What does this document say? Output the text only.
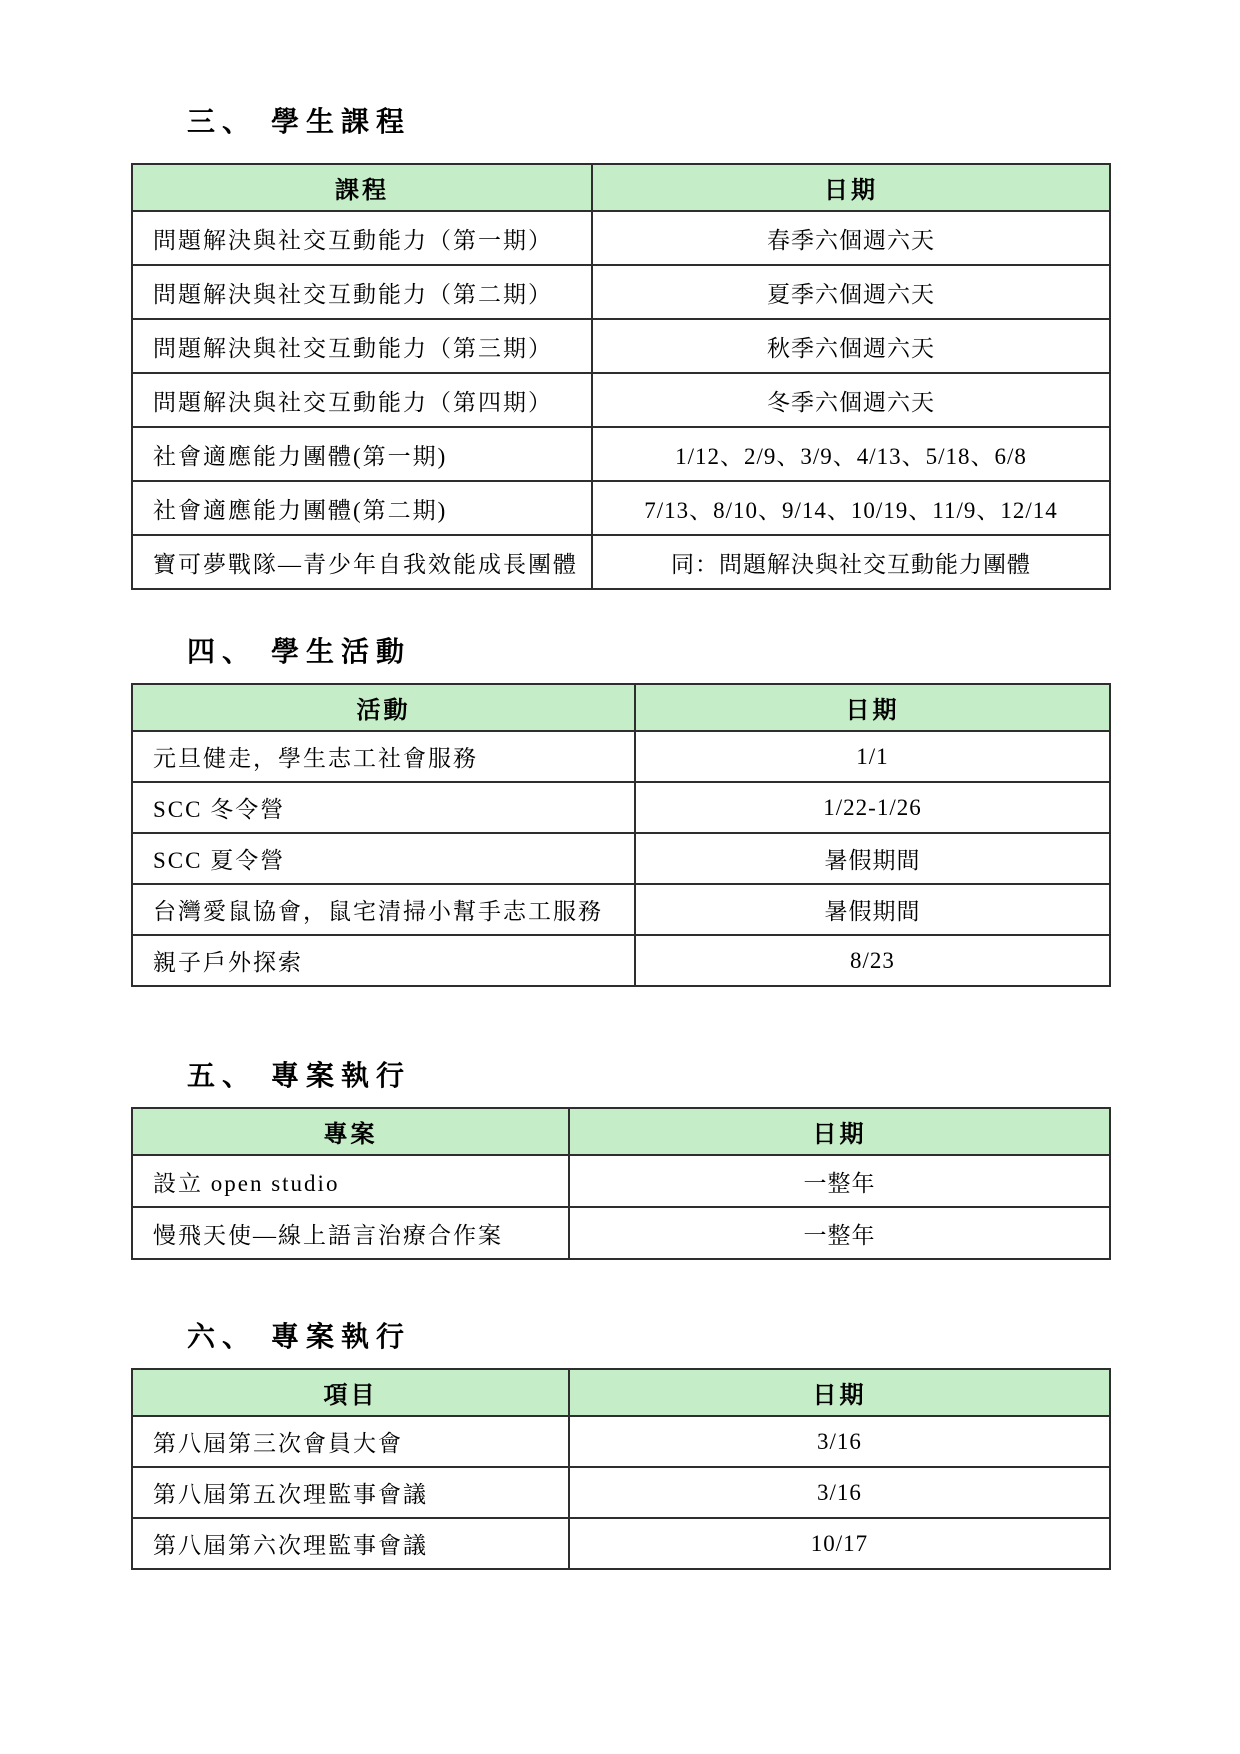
三、 學生課程
課程	日期
問題解決與社交互動能力（第一期）	春季六個週六天
問題解決與社交互動能力（第二期）	夏季六個週六天
問題解決與社交互動能力（第三期）	秋季六個週六天
問題解決與社交互動能力（第四期）	冬季六個週六天
社會適應能力團體(第一期)	1/12、2/9、3/9、4/13、5/18、6/8
社會適應能力團體(第二期)	7/13、8/10、9/14、10/19、11/9、12/14
寶可夢戰隊—青少年自我效能成長團體	同：問題解決與社交互動能力團體
四、 學生活動
活動	日期
元旦健走，學生志工社會服務	1/1
SCC 冬令營	1/22-1/26
SCC 夏令營	暑假期間
台灣愛鼠協會，鼠宅清掃小幫手志工服務	暑假期間
親子戶外探索	8/23
五、 專案執行
專案	日期
設立 open studio	一整年
慢飛天使—線上語言治療合作案	一整年
六、 專案執行
項目	日期
第八屆第三次會員大會	3/16
第八屆第五次理監事會議	3/16
第八屆第六次理監事會議	10/17
